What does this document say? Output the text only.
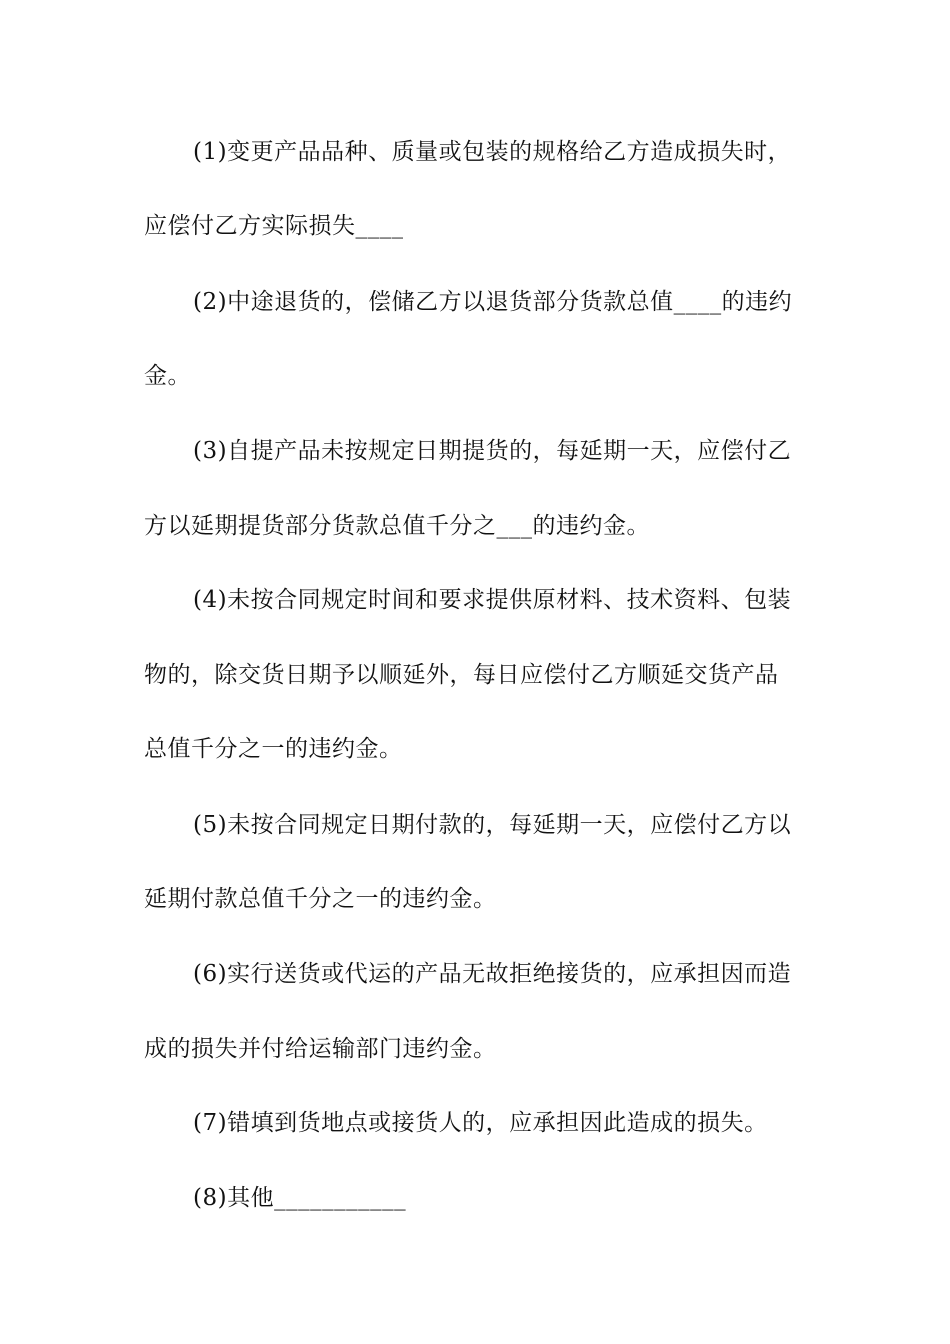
(1)变更产品品种、质量或包装的规格给乙方造成损失时，
应偿付乙方实际损失____
(2)中途退货的，偿储乙方以退货部分货款总值____的违约
金。
(3)自提产品未按规定日期提货的，每延期一天，应偿付乙
方以延期提货部分货款总值千分之___的违约金。
(4)未按合同规定时间和要求提供原材料、技术资料、包装
物的，除交货日期予以顺延外，每日应偿付乙方顺延交货产品
总值千分之一的违约金。
(5)未按合同规定日期付款的，每延期一天，应偿付乙方以
延期付款总值千分之一的违约金。
(6)实行送货或代运的产品无故拒绝接货的，应承担因而造
成的损失并付给运输部门违约金。
(7)错填到货地点或接货人的，应承担因此造成的损失。
(8)其他___________
